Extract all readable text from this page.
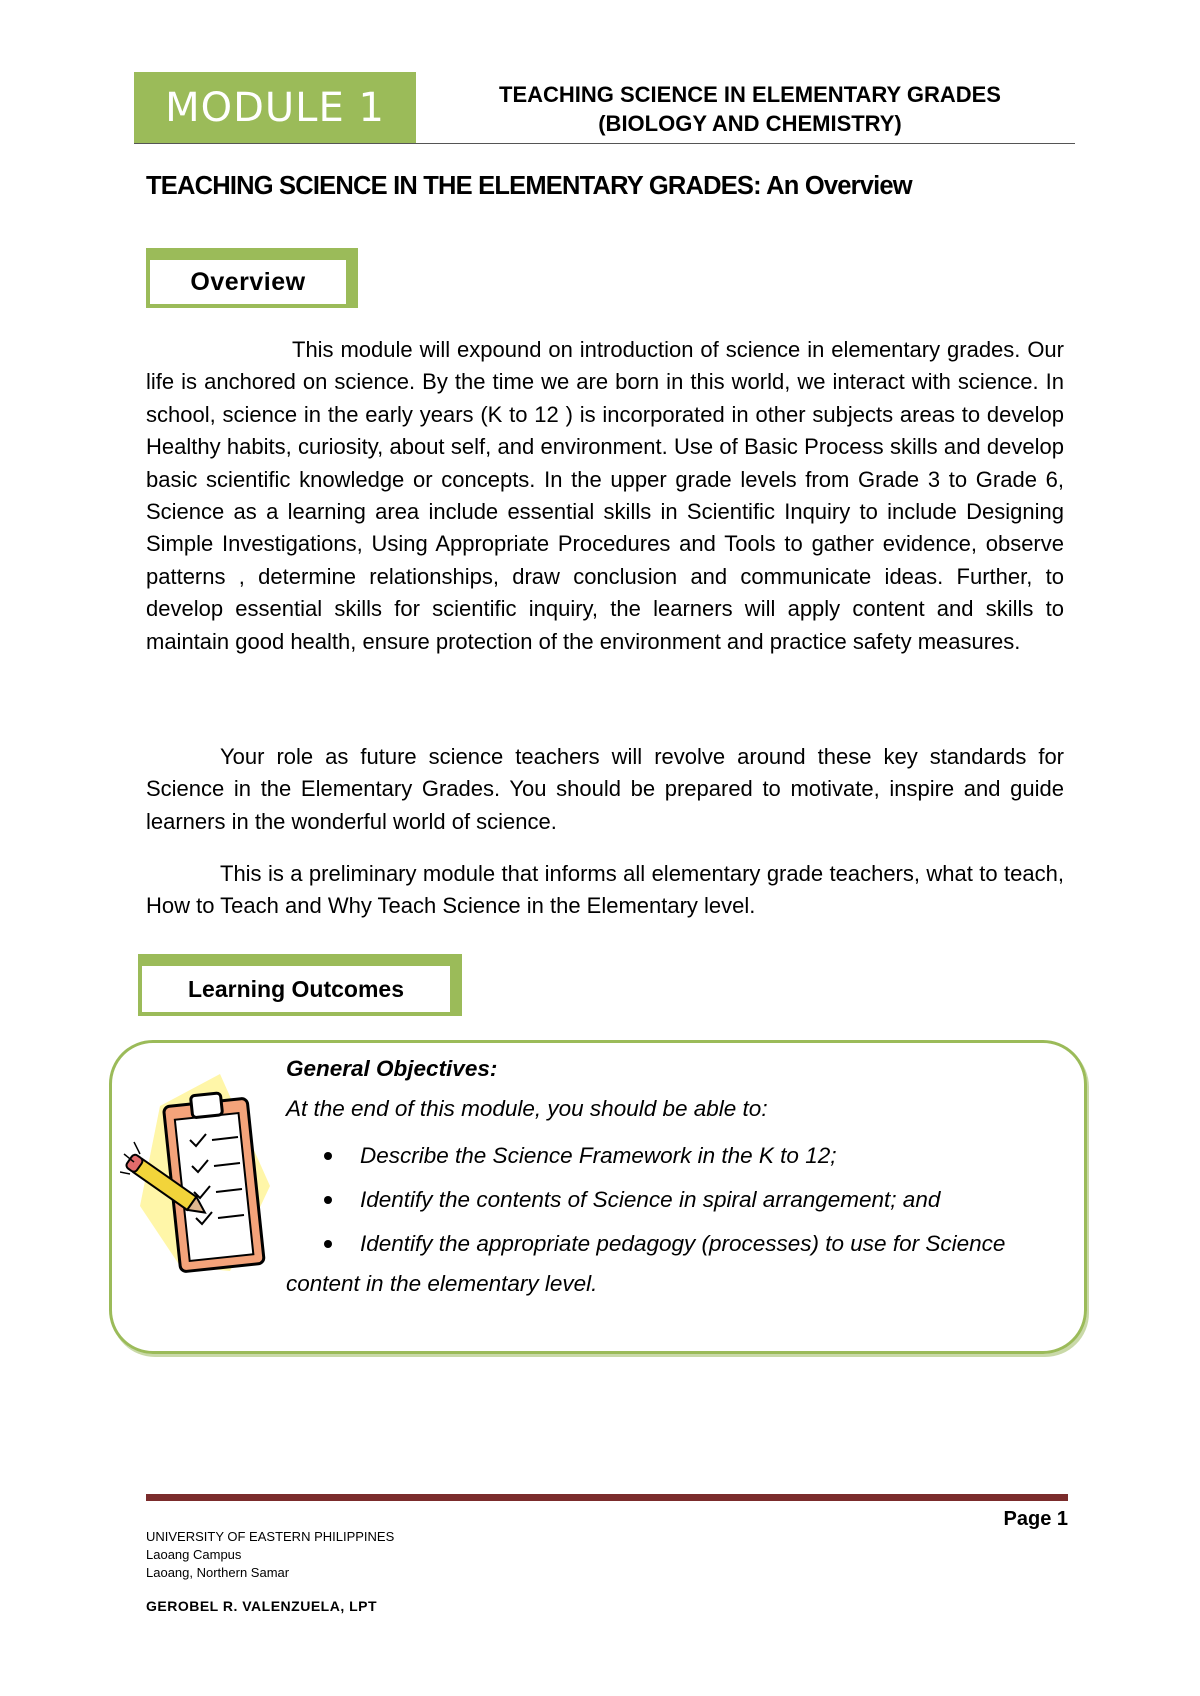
MODULE 1	TEACHING SCIENCE IN ELEMENTARY GRADES
(BIOLOGY AND CHEMISTRY)
TEACHING SCIENCE IN THE ELEMENTARY GRADES: An Overview
Overview

This module will expound on introduction of science in elementary grades. Our life is anchored on science. By the time we are born in this world, we interact with science. In school, science in the early years (K to 12 ) is incorporated in other subjects areas to develop Healthy habits, curiosity, about self, and environment. Use of Basic Process skills and develop basic scientific knowledge or concepts. In the upper grade levels from Grade 3 to Grade 6, Science as a learning area include essential skills in Scientific Inquiry to include Designing Simple Investigations, Using Appropriate Procedures and Tools to gather evidence, observe patterns , determine relationships, draw conclusion and communicate ideas. Further, to develop essential skills for scientific inquiry, the learners will apply content and skills to maintain good health, ensure protection of the environment and practice safety measures.

Your role as future science teachers will revolve around these key standards for Science in the Elementary Grades. You should be prepared to motivate, inspire and guide learners in the wonderful world of science.

This is a preliminary module that informs all elementary grade teachers, what to teach, How to Teach and Why Teach Science in the Elementary level.

Learning Outcomes

General Objectives:

At the end of this module, you should be able to:

Describe the Science Framework in the K to 12;
Identify the contents of Science in spiral arrangement; and
Identify the appropriate pedagogy (processes) to use for Science

content in the elementary level.

Page 1
UNIVERSITY OF EASTERN PHILIPPINES
Laoang Campus
Laoang, Northern Samar
GEROBEL R. VALENZUELA, LPT
